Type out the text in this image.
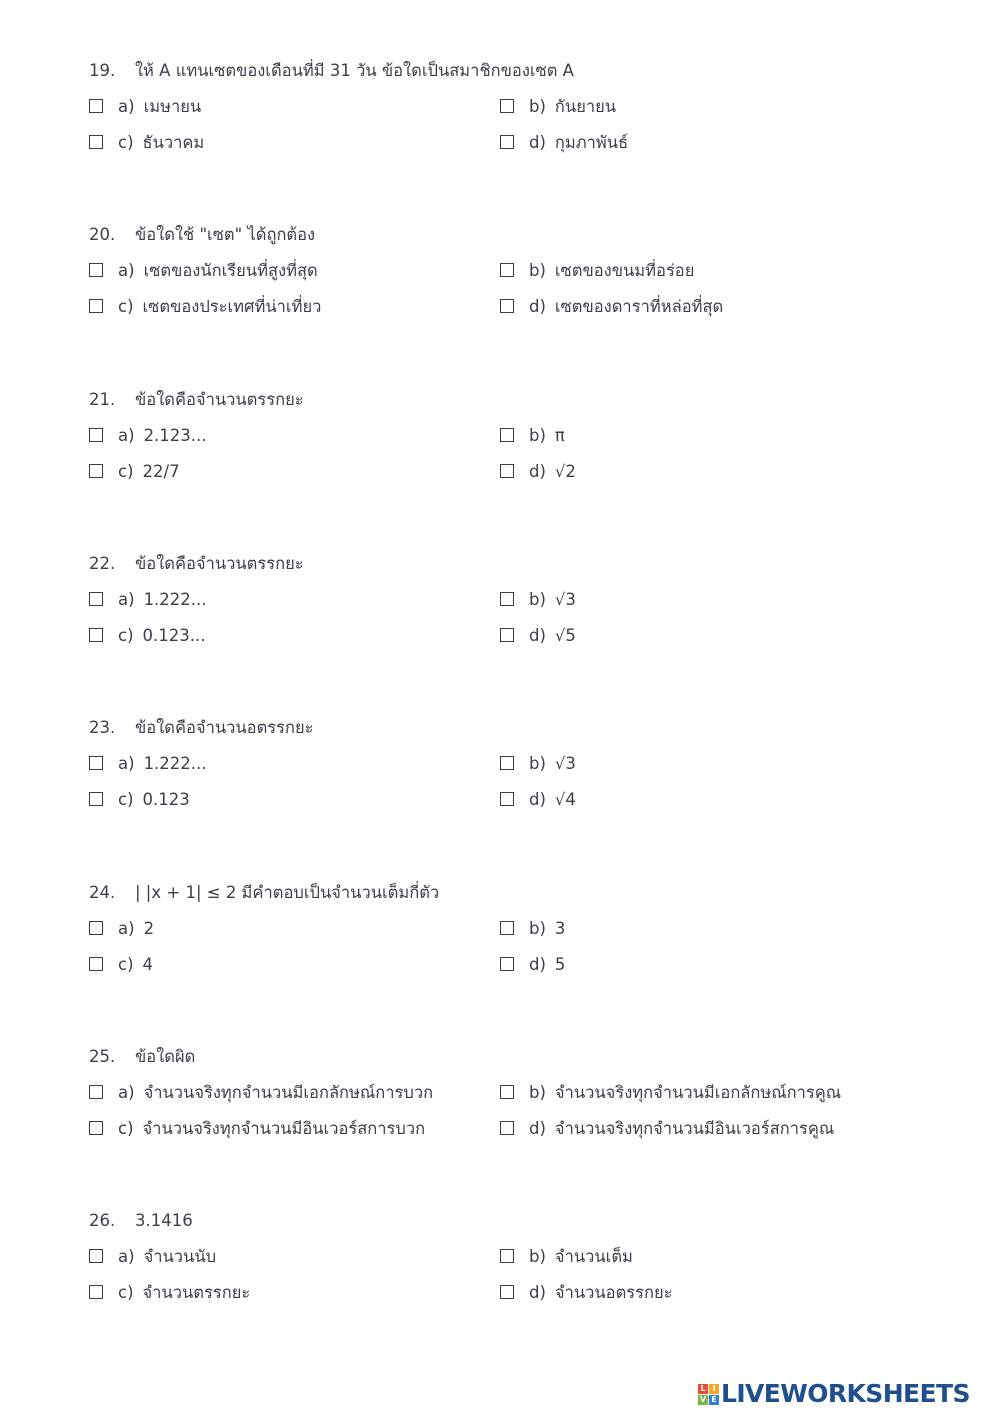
19. ให้ A แทนเซตของเดือนที่มี 31 วัน ข้อใดเป็นสมาชิกของเซต A
a) เมษายน	b) กันยายน
c) ธันวาคม	d) กุมภาพันธ์
20. ข้อใดใช้ "เซต" ได้ถูกต้อง
a) เซตของนักเรียนที่สูงที่สุด	b) เซตของขนมที่อร่อย
c) เซตของประเทศที่น่าเที่ยว	d) เซตของดาราที่หล่อที่สุด
21. ข้อใดคือจำนวนตรรกยะ
a) 2.123...	b) π
c) 22/7	d) √2
22. ข้อใดคือจำนวนตรรกยะ
a) 1.222...	b) √3
c) 0.123...	d) √5
23. ข้อใดคือจำนวนอตรรกยะ
a) 1.222...	b) √3
c) 0.123	d) √4
24. | |x + 1| ≤ 2 มีคำตอบเป็นจำนวนเต็มกี่ตัว
a) 2	b) 3
c) 4	d) 5
25. ข้อใดผิด
a) จำนวนจริงทุกจำนวนมีเอกลักษณ์การบวก	b) จำนวนจริงทุกจำนวนมีเอกลักษณ์การคูณ
c) จำนวนจริงทุกจำนวนมีอินเวอร์สการบวก	d) จำนวนจริงทุกจำนวนมีอินเวอร์สการคูณ
26. 3.1416
a) จำนวนนับ	b) จำนวนเต็ม
c) จำนวนตรรกยะ	d) จำนวนอตรรกยะ
L I
V E LIVEWORKSHEETS
